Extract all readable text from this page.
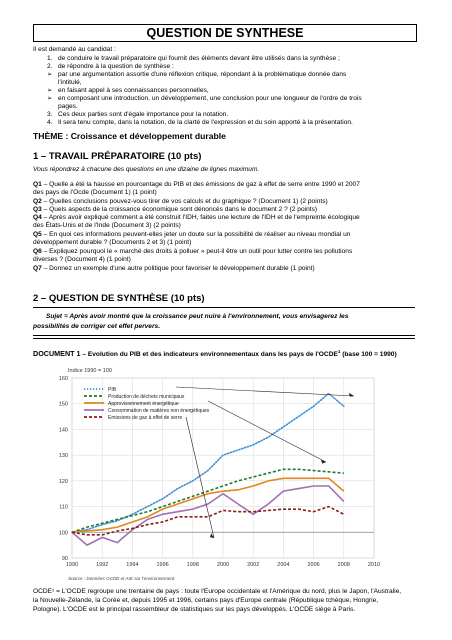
QUESTION DE SYNTHESE
Il est demandé au candidat :
1. de conduire le travail préparatoire qui fournit des éléments devant être utilisés dans la synthèse ;
2. de répondre à la question de synthèse :
➢ par une argumentation assortie d'une réflexion critique, répondant à la problématique donnée dans
l'intitulé,
➢ en faisant appel à ses connaissances personnelles,
➢ en composant une introduction, un développement, une conclusion pour une longueur de l'ordre de trois
pages.
3. Ces deux parties sont d'égale importance pour la notation.
4. Il sera tenu compte, dans la notation, de la clarté de l'expression et du soin apporté à la présentation.
THÈME : Croissance et développement durable
1 – TRAVAIL PRÉPARATOIRE (10 pts)
Vous répondrez à chacune des questions en une dizaine de lignes maximum.
Q1 – Quelle a été la hausse en pourcentage du PIB et des émissions de gaz à effet de serre entre 1990 et 2007
des pays de l'Ocde (Document 1) (1 point)
Q2 – Quelles conclusions pouvez-vous tirer de vos calculs et du graphique ? (Document 1) (2 points)
Q3 – Quels aspects de la croissance économique sont dénoncés dans le document 2 ? (2 points)
Q4 – Après avoir expliqué comment a été construit l'IDH, faites une lecture de l'IDH et de l'empreinte écologique
des États-Unis et de l'Inde (Document 3) (2 points)
Q5 – En quoi ces informations peuvent-elles jeter un doute sur la possibilité de réaliser au niveau mondial un
développement durable ? (Documents 2 et 3) (1 point)
Q6 – Expliquez pourquoi le « marché des droits à polluer » peut-il être un outil pour lutter contre les pollutions
diverses ? (Document 4) (1 point)
Q7 – Donnez un exemple d'une autre politique pour favoriser le développement durable (1 point)
2 – QUESTION DE SYNTHÈSE (10 pts)
Sujet = Après avoir montré que la croissance peut nuire à l'environnement, vous envisagerez les
possibilités de corriger cet effet pervers.
DOCUMENT 1 – Evolution du PIB et des indicateurs environnementaux dans les pays de l'OCDE$^1$ (base 100 = 1990)
90
100
110
120
130
140
150
160
1990	1992	1994	1996	1998	2000	2002	2004	2006	2008	2010
Indice 1990 = 100
PIB
Production de déchets municipaux
Approvisionnement énergétique
Consommation de matières non énergétiques
Emissions de gaz à effet de serre
Source : Données OCDE et AIE sur l'environnement.
OCDE¹ = L'OCDE regroupe une trentaine de pays : toute l'Europe occidentale et l'Amérique du nord, plus le Japon, l'Australie,
la Nouvelle-Zélande, la Corée et, depuis 1995 et 1996, certains pays d'Europe centrale (République tchèque, Hongrie,
Pologne). L'OCDE est le principal rassembleur de statistiques sur les pays développés. L'OCDE siège à Paris.
